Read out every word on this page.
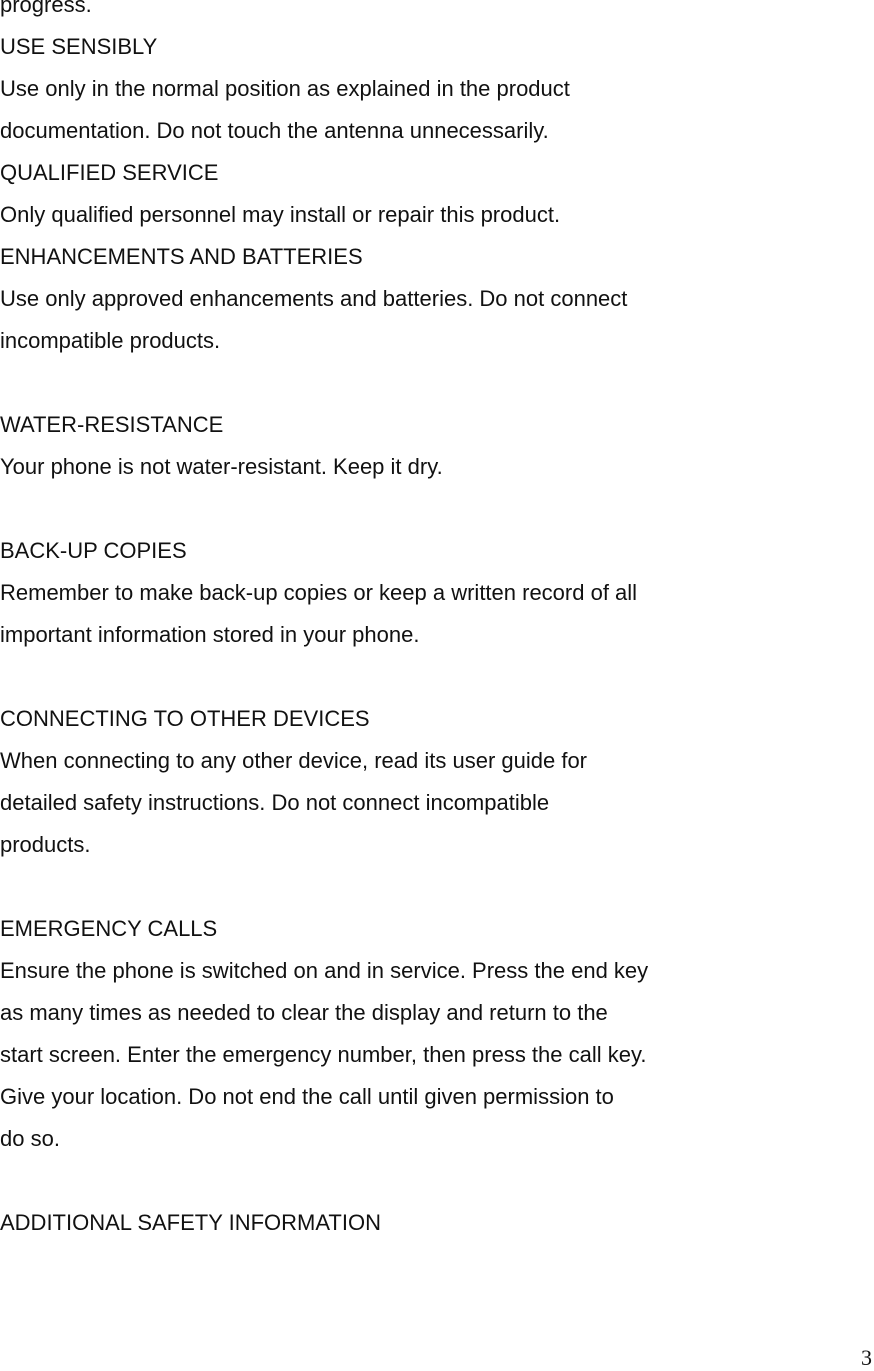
progress.
USE SENSIBLY
Use only in the normal position as explained in the product
documentation. Do not touch the antenna unnecessarily.
QUALIFIED SERVICE
Only qualified personnel may install or repair this product.
ENHANCEMENTS AND BATTERIES
Use only approved enhancements and batteries. Do not connect
incompatible products.
WATER-RESISTANCE
Your phone is not water-resistant. Keep it dry.
BACK-UP COPIES
Remember to make back-up copies or keep a written record of all
important information stored in your phone.
CONNECTING TO OTHER DEVICES
When connecting to any other device, read its user guide for
detailed safety instructions. Do not connect incompatible
products.
EMERGENCY CALLS
Ensure the phone is switched on and in service. Press the end key
as many times as needed to clear the display and return to the
start screen. Enter the emergency number, then press the call key.
Give your location. Do not end the call until given permission to
do so.
ADDITIONAL SAFETY INFORMATION
3
